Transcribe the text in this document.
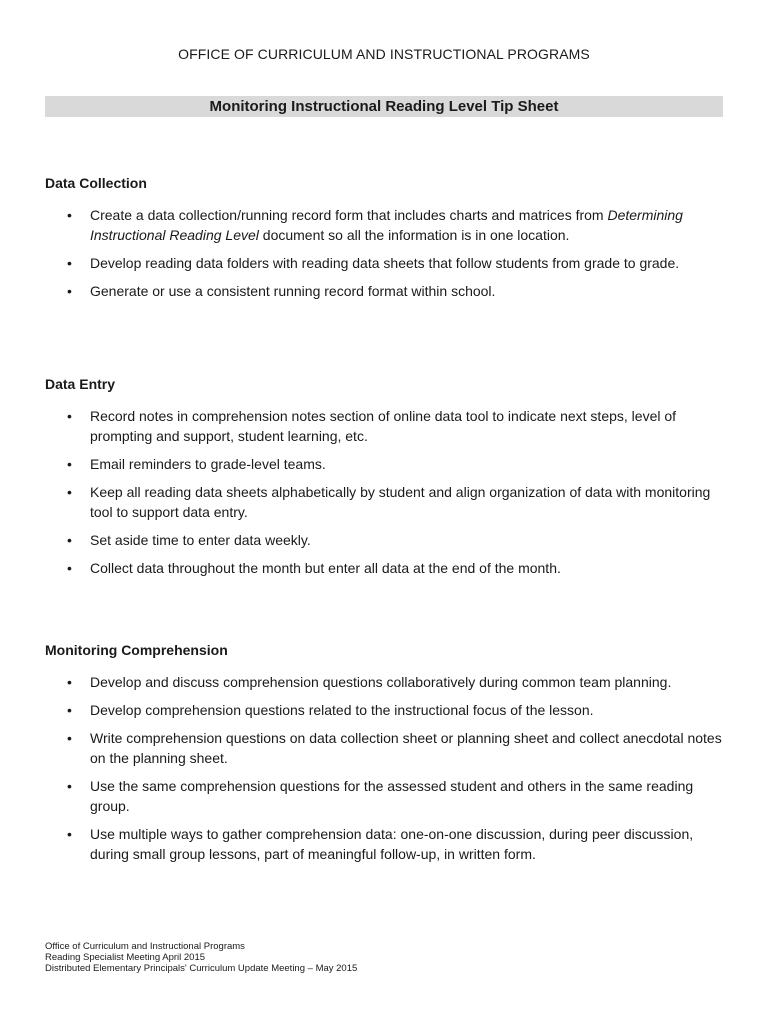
OFFICE OF CURRICULUM AND INSTRUCTIONAL PROGRAMS
Monitoring Instructional Reading Level Tip Sheet
Data Collection
• Create a data collection/running record form that includes charts and matrices from Determining Instructional Reading Level document so all the information is in one location.
• Develop reading data folders with reading data sheets that follow students from grade to grade.
• Generate or use a consistent running record format within school.
Data Entry
• Record notes in comprehension notes section of online data tool to indicate next steps, level of prompting and support, student learning, etc.
• Email reminders to grade-level teams.
• Keep all reading data sheets alphabetically by student and align organization of data with monitoring tool to support data entry.
• Set aside time to enter data weekly.
• Collect data throughout the month but enter all data at the end of the month.
Monitoring Comprehension
• Develop and discuss comprehension questions collaboratively during common team planning.
• Develop comprehension questions related to the instructional focus of the lesson.
• Write comprehension questions on data collection sheet or planning sheet and collect anecdotal notes on the planning sheet.
• Use the same comprehension questions for the assessed student and others in the same reading group.
• Use multiple ways to gather comprehension data: one-on-one discussion, during peer discussion, during small group lessons, part of meaningful follow-up, in written form.
Office of Curriculum and Instructional Programs
Reading Specialist Meeting April 2015
Distributed Elementary Principals' Curriculum Update Meeting – May 2015
